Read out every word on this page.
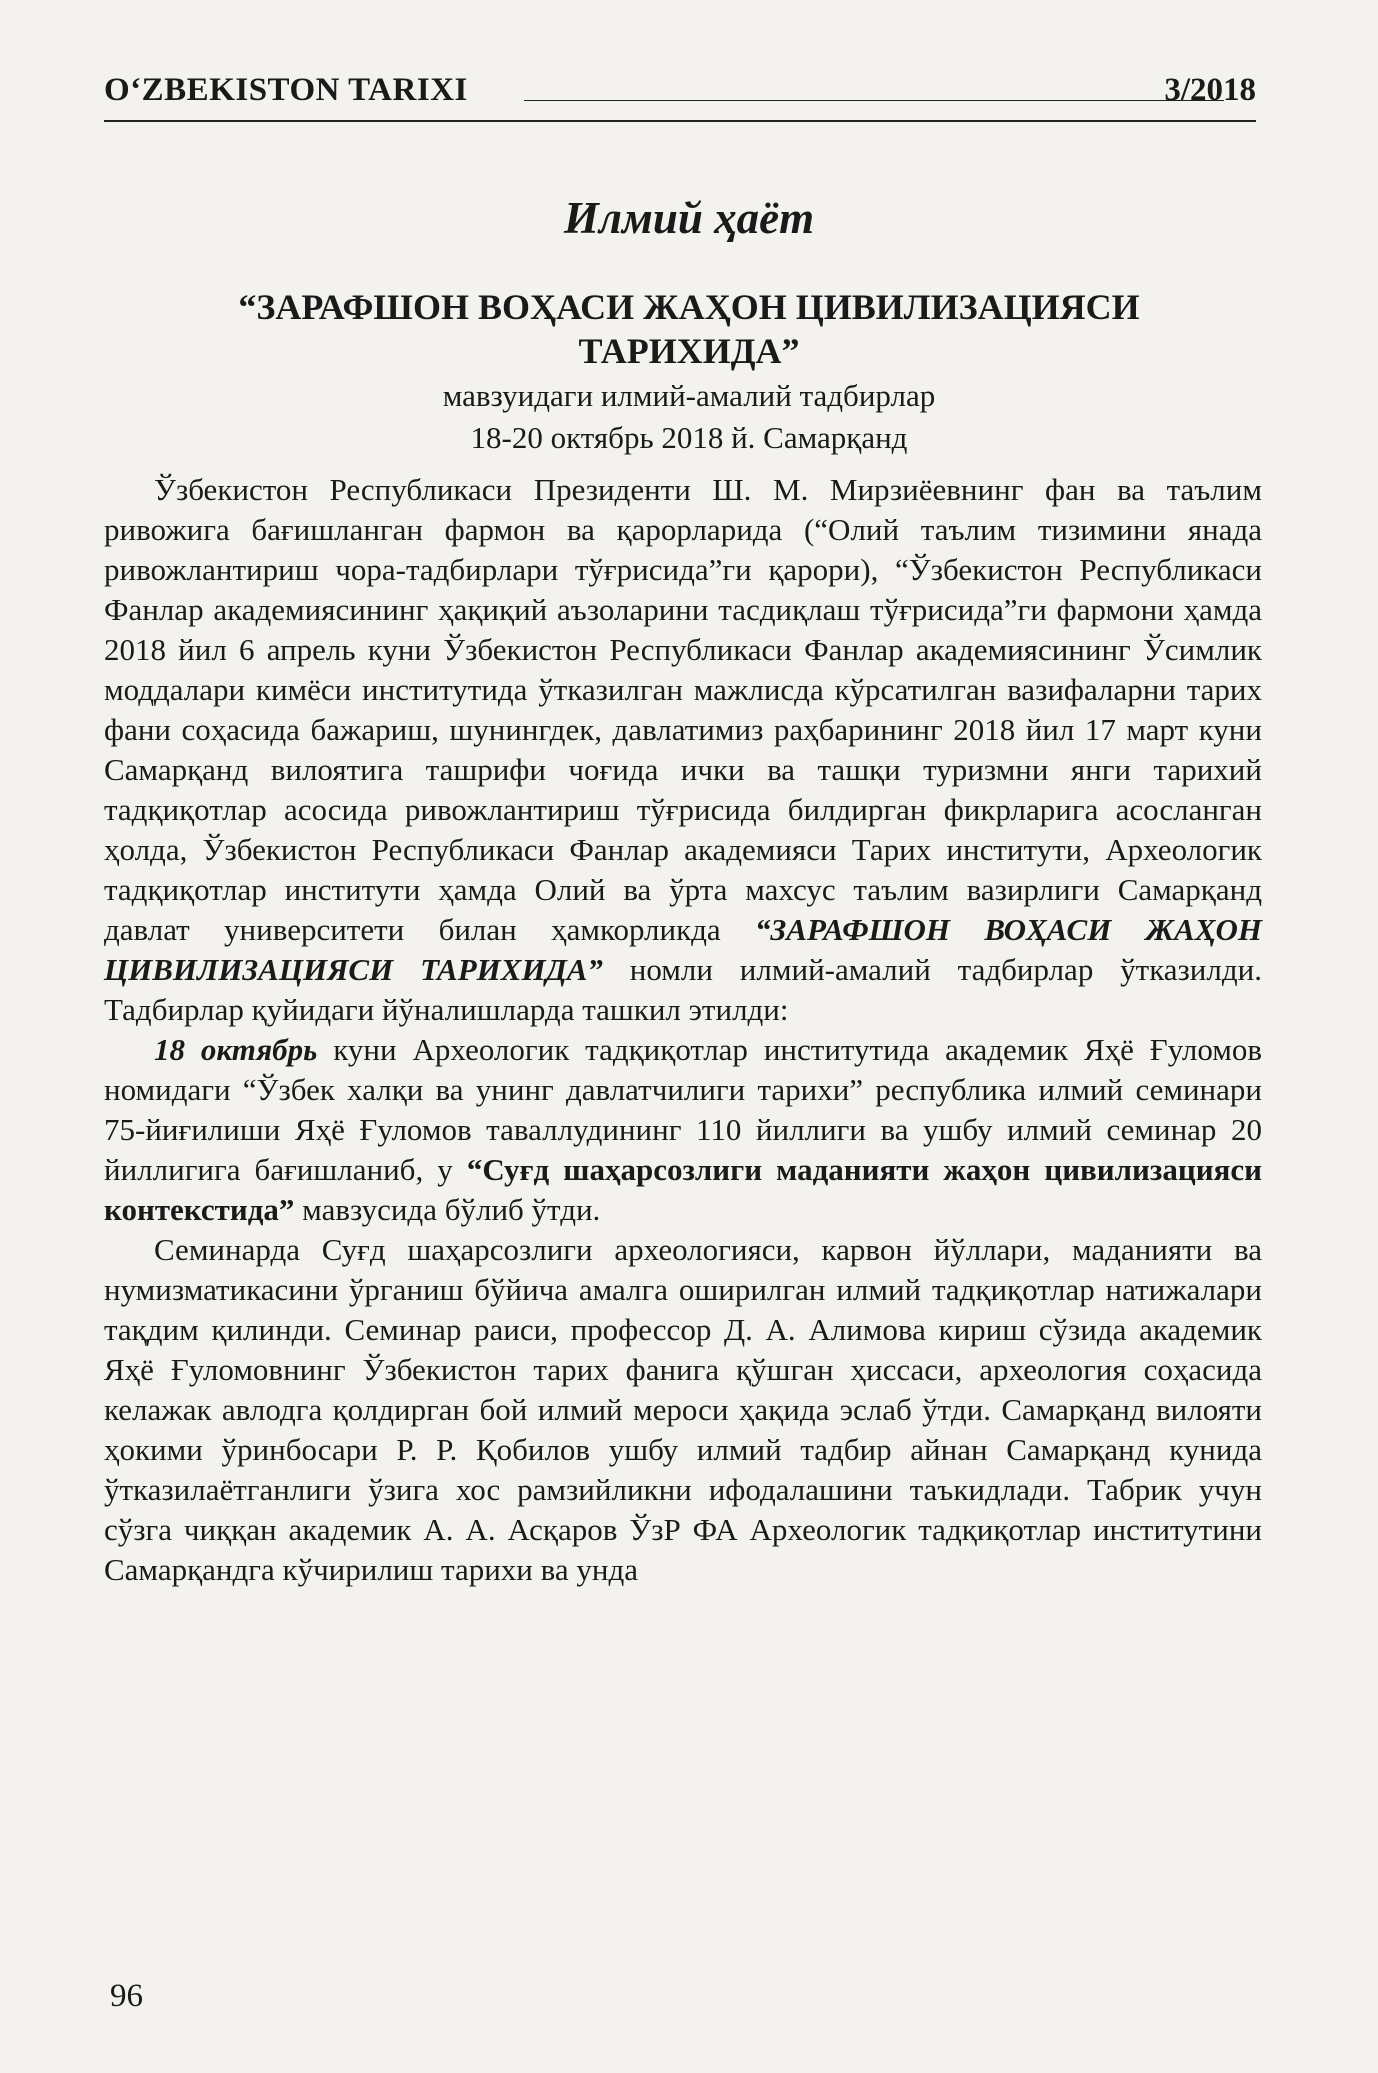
O‘ZBEKISTON TARIXI	3/2018
Илмий ҳаёт
“ЗАРАФШОН ВОҲАСИ ЖАҲОН ЦИВИЛИЗАЦИЯСИ
ТАРИХИДА”
мавзуидаги илмий-амалий тадбирлар
18-20 октябрь 2018 й. Самарқанд

Ўзбекистон Республикаси Президенти Ш. М. Мирзиёевнинг фан ва таълим ривожига бағишланган фармон ва қарорларида (“Олий таълим тизимини янада ривожлантириш чора-тадбирлари тўғрисида”ги қарори), “Ўзбекистон Республикаси Фанлар академиясининг ҳақиқий аъзоларини тасдиқлаш тўғрисида”ги фармони ҳамда 2018 йил 6 апрель куни Ўзбекистон Республикаси Фанлар академиясининг Ўсимлик моддалари кимёси институтида ўтказилган мажлисда кўрсатилган вазифаларни тарих фани соҳасида бажариш, шунингдек, давлатимиз раҳбарининг 2018 йил 17 март куни Самарқанд вилоятига ташрифи чоғида ички ва ташқи туризмни янги тарихий тадқиқотлар асосида ривожлантириш тўғрисида билдирган фикрларига асосланган ҳолда, Ўзбекистон Республикаси Фанлар академияси Тарих институти, Археологик тадқиқотлар институти ҳамда Олий ва ўрта махсус таълим вазирлиги Самарқанд давлат университети билан ҳамкорликда “ЗАРАФШОН ВОҲАСИ ЖАҲОН ЦИВИЛИЗАЦИЯСИ ТАРИХИДА” номли илмий-амалий тадбирлар ўтказилди. Тадбирлар қуйидаги йўналишларда ташкил этилди:

18 октябрь куни Археологик тадқиқотлар институтида академик Яҳё Ғуломов номидаги “Ўзбек халқи ва унинг давлатчилиги тарихи” республика илмий семинари 75-йиғилиши Яҳё Ғуломов таваллудининг 110 йиллиги ва ушбу илмий семинар 20 йиллигига бағишланиб, у “Суғд шаҳарсозлиги маданияти жаҳон цивилизацияси контекстида” мавзусида бўлиб ўтди.

Семинарда Суғд шаҳарсозлиги археологияси, карвон йўллари, маданияти ва нумизматикасини ўрганиш бўйича амалга оширилган илмий тадқиқотлар натижалари тақдим қилинди. Семинар раиси, профессор Д. А. Алимова кириш сўзида академик Яҳё Ғуломовнинг Ўзбекистон тарих фанига қўшган ҳиссаси, археология соҳасида келажак авлодга қолдирган бой илмий мероси ҳақида эслаб ўтди. Самарқанд вилояти ҳокими ўринбосари Р. Р. Қобилов ушбу илмий тадбир айнан Самарқанд кунида ўтказилаётганлиги ўзига хос рамзийликни ифодалашини таъкидлади. Табрик учун сўзга чиққан академик А. А. Асқаров ЎзР ФА Археологик тадқиқотлар институтини Самарқандга кўчирилиш тарихи ва унда

96
